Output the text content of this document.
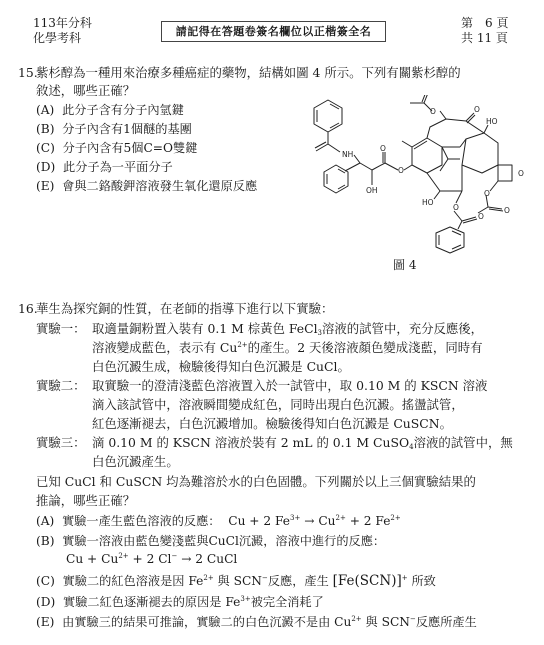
113年分科
化學考科	請記得在答題卷簽名欄位以正楷簽全名
第　6 頁
共 11 頁
15.
紫杉醇為一種用來治療多種癌症的藥物，結構如圖 4 所示。下列有關紫杉醇的
敘述，哪些正確？
(A) 此分子含有分子內氫鍵
(B) 分子內含有1個醚的基團
(C) 分子內含有5個C=O雙鍵
(D) 此分子為一平面分子
(E) 會與二鉻酸鉀溶液發生氧化還原反應
NH
OH
O
O
O	O
HO
O
O
O
HO
O
O
圖 4
16.
華生為探究銅的性質，在老師的指導下進行以下實驗：
實驗一： 取適量銅粉置入裝有 0.1 M 棕黃色 FeCl$_3$溶液的試管中，充分反應後，
溶液變成藍色，表示有 $Cu^{2+}$的產生。2 天後溶液顏色變成淺藍，同時有
白色沉澱生成，檢驗後得知白色沉澱是 CuCl。
實驗二： 取實驗一的澄清淺藍色溶液置入於一試管中，取 0.10 M 的 KSCN 溶液
滴入該試管中，溶液瞬間變成紅色，同時出現白色沉澱。搖盪試管，
紅色逐漸褪去，白色沉澱增加。檢驗後得知白色沉澱是 CuSCN。
實驗三： 滴 0.10 M 的 KSCN 溶液於裝有 2 mL 的 0.1 M CuSO$_4$溶液的試管中，無
白色沉澱產生。
已知 CuCl 和 CuSCN 均為難溶於水的白色固體。下列關於以上三個實驗結果的
推論，哪些正確？
(A) 實驗一產生藍色溶液的反應： Cu + 2 $Fe^{3+} \to Cu^{2+} + 2$ $Fe^{2+}$
(B) 實驗一溶液由藍色變淺藍與CuCl沉澱，溶液中進行的反應：
$Cu + Cu^{2+} + 2$ Cl− → 2 CuCl
(C) 實驗二的紅色溶液是因 $Fe^{2+}$ 與 SCN−反應，產生 [Fe(SCN)]+ 所致
(D) 實驗二紅色逐漸褪去的原因是 $Fe^{3+}$被完全消耗了
(E) 由實驗三的結果可推論，實驗二的白色沉澱不是由 $Cu^{2+}$ 與 SCN−反應所產生
